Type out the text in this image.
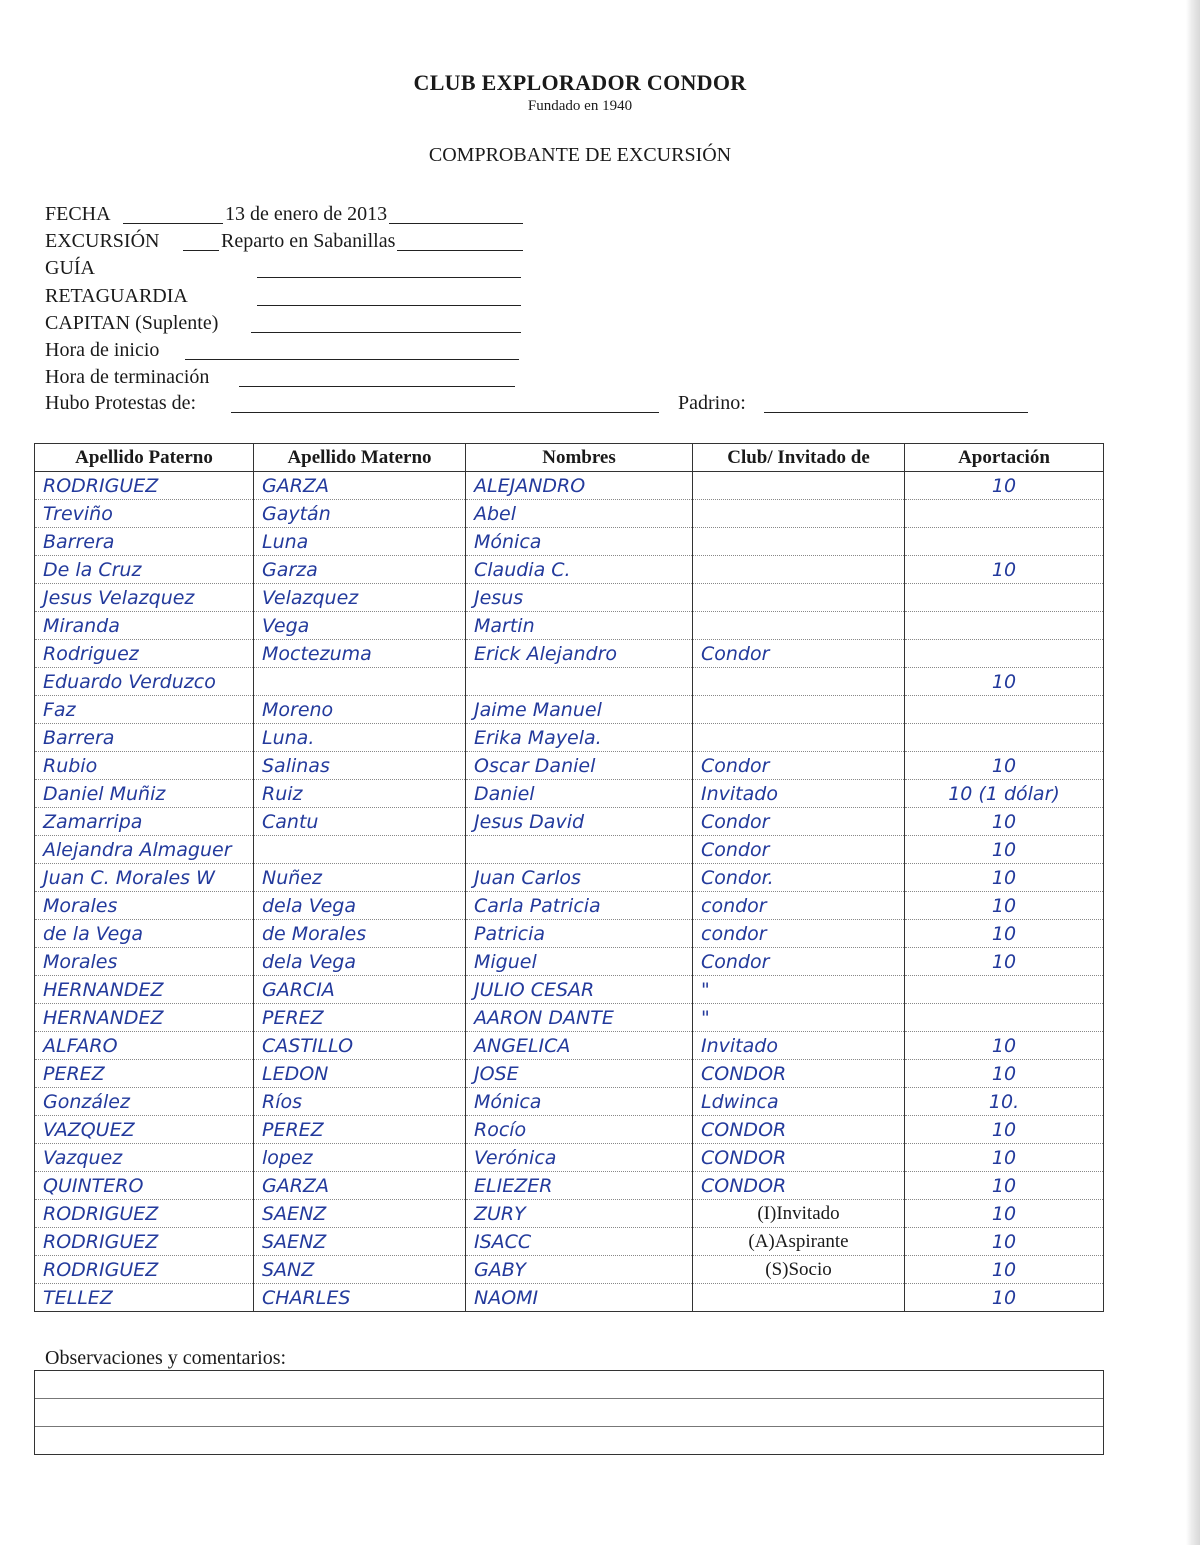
CLUB EXPLORADOR CONDOR
Fundado en 1940
COMPROBANTE DE EXCURSIÓN
FECHA	13 de enero de 2013
EXCURSIÓN	Reparto en Sabanillas
GUÍA
RETAGUARDIA
CAPITAN (Suplente)
Hora de inicio
Hora de terminación
Hubo Protestas de:	Padrino:
Apellido Paterno	Apellido Materno	Nombres	Club/ Invitado de	Aportación
RODRIGUEZ	GARZA	ALEJANDRO		10
Treviño	Gaytán	Abel		
Barrera	Luna	Mónica		
De la Cruz	Garza	Claudia C.		10
Jesus Velazquez	Velazquez	Jesus		
Miranda	Vega	Martin		
Rodriguez	Moctezuma	Erick Alejandro	Condor	
Eduardo Verduzco				10
Faz	Moreno	Jaime Manuel		
Barrera	Luna.	Erika Mayela.		
Rubio	Salinas	Oscar Daniel	Condor	10
Daniel Muñiz	Ruiz	Daniel	Invitado	10 (1 dólar)
Zamarripa	Cantu	Jesus David	Condor	10
Alejandra Almaguer			Condor	10
Juan C. Morales W	Nuñez	Juan Carlos	Condor.	10
Morales	dela Vega	Carla Patricia	condor	10
de la Vega	de Morales	Patricia	condor	10
Morales	dela Vega	Miguel	Condor	10
HERNANDEZ	GARCIA	JULIO CESAR	"	
HERNANDEZ	PEREZ	AARON DANTE	"	
ALFARO	CASTILLO	ANGELICA	Invitado	10
PEREZ	LEDON	JOSE	CONDOR	10
González	Ríos	Mónica	Ldwinca	10.
VAZQUEZ	PEREZ	Rocío	CONDOR	10
Vazquez	lopez	Verónica	CONDOR	10
QUINTERO	GARZA	ELIEZER	CONDOR	10
RODRIGUEZ	SAENZ	ZURY	(I)Invitado	10
RODRIGUEZ	SAENZ	ISACC	(A)Aspirante	10
RODRIGUEZ	SANZ	GABY	(S)Socio	10
TELLEZ	CHARLES	NAOMI		10
Observaciones y comentarios:
